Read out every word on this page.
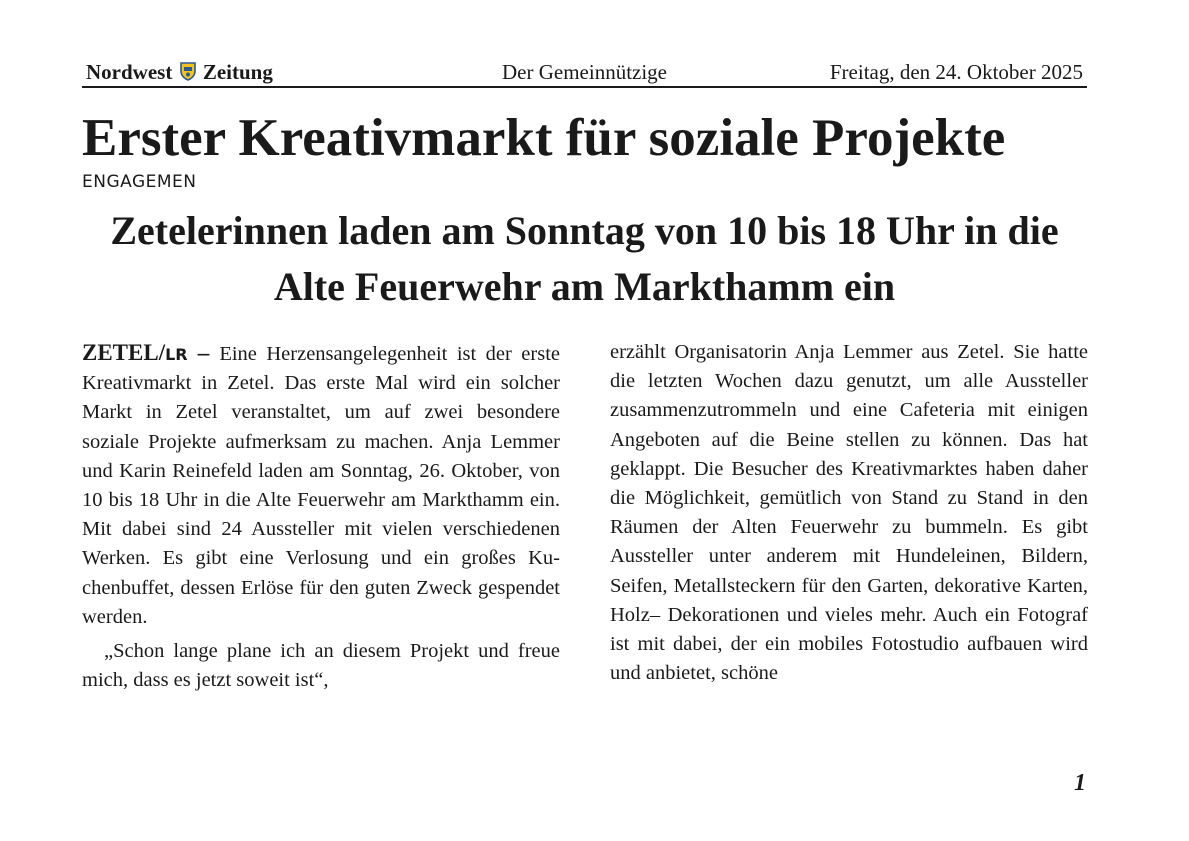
Nordwest Zeitung	Der Gemeinnützige	Freitag, den 24. Oktober 2025
Erster Kreativmarkt für soziale Projekte
ENGAGEMEN
Zetelerinnen laden am Sonntag von 10 bis 18 Uhr in die Alte Feuerwehr am Markthamm ein

ZETEL/LR – Eine Herzensangelegenheit ist der erste Kreativmarkt in Zetel. Das erste Mal wird ein solcher Markt in Zetel veranstaltet, um auf zwei besondere soziale Projekte aufmerksam zu machen. Anja Lemmer und Karin Reinefeld laden am Sonntag, 26. Oktober, von 10 bis 18 Uhr in die Alte Feuerwehr am Markthamm ein. Mit dabei sind 24 Aussteller mit vielen verschiedenen Werken. Es gibt eine Verlosung und ein großes Kuchenbuffet, dessen Erlöse für den guten Zweck gespendet werden.

„Schon lange plane ich an diesem Projekt und freue mich, dass es jetzt soweit ist“,

erzählt Organisatorin Anja Lemmer aus Zetel. Sie hatte die letzten Wochen dazu genutzt, um alle Aussteller zusammenzutrommeln und eine Cafeteria mit einigen Angeboten auf die Beine stellen zu können. Das hat geklappt. Die Besucher des Kreativmarktes haben daher die Möglichkeit, gemütlich von Stand zu Stand in den Räumen der Alten Feuerwehr zu bummeln. Es gibt Aussteller unter anderem mit Hundeleinen, Bildern, Seifen, Metallsteckern für den Garten, dekorative Karten, Holz– Dekorationen und vieles mehr. Auch ein Fotograf ist mit dabei, der ein mobiles Fotostudio aufbauen wird und anbietet, schöne

1
